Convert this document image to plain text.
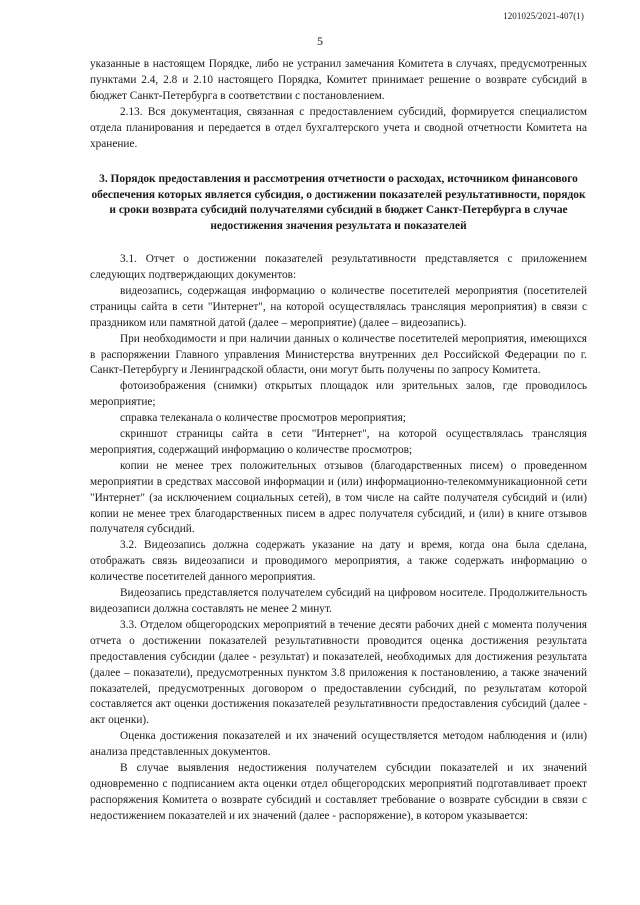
1201025/2021-407(1)
5

указанные в настоящем Порядке, либо не устранил замечания Комитета в случаях, предусмотренных пунктами 2.4, 2.8 и 2.10 настоящего Порядка, Комитет принимает решение о возврате субсидий в бюджет Санкт-Петербурга в соответствии с постановлением.

2.13. Вся документация, связанная с предоставлением субсидий, формируется специалистом отдела планирования и передается в отдел бухгалтерского учета и сводной отчетности Комитета на хранение.

3. Порядок предоставления и рассмотрения отчетности о расходах, источником финансового обеспечения которых является субсидия, о достижении показателей результативности, порядок и сроки возврата субсидий получателями субсидий в бюджет Санкт-Петербурга в случае недостижения значения результата и показателей

3.1. Отчет о достижении показателей результативности представляется с приложением следующих подтверждающих документов:

видеозапись, содержащая информацию о количестве посетителей мероприятия (посетителей страницы сайта в сети "Интернет", на которой осуществлялась трансляция мероприятия) в связи с праздником или памятной датой (далее – мероприятие) (далее – видеозапись).

При необходимости и при наличии данных о количестве посетителей мероприятия, имеющихся в распоряжении Главного управления Министерства внутренних дел Российской Федерации по г. Санкт-Петербургу и Ленинградской области, они могут быть получены по запросу Комитета.

фотоизображения (снимки) открытых площадок или зрительных залов, где проводилось мероприятие;

справка телеканала о количестве просмотров мероприятия;

скриншот страницы сайта в сети "Интернет", на которой осуществлялась трансляция мероприятия, содержащий информацию о количестве просмотров;

копии не менее трех положительных отзывов (благодарственных писем) о проведенном мероприятии в средствах массовой информации и (или) информационно-телекоммуникационной сети "Интернет" (за исключением социальных сетей), в том числе на сайте получателя субсидий и (или) копии не менее трех благодарственных писем в адрес получателя субсидий, и (или) в книге отзывов получателя субсидий.

3.2. Видеозапись должна содержать указание на дату и время, когда она была сделана, отображать связь видеозаписи и проводимого мероприятия, а также содержать информацию о количестве посетителей данного мероприятия.

Видеозапись представляется получателем субсидий на цифровом носителе. Продолжительность видеозаписи должна составлять не менее 2 минут.

3.3. Отделом общегородских мероприятий в течение десяти рабочих дней с момента получения отчета о достижении показателей результативности проводится оценка достижения результата предоставления субсидии (далее - результат) и показателей, необходимых для достижения результата (далее – показатели), предусмотренных пунктом 3.8 приложения к постановлению, а также значений показателей, предусмотренных договором о предоставлении субсидий, по результатам которой составляется акт оценки достижения показателей результативности предоставления субсидий (далее - акт оценки).

Оценка достижения показателей и их значений осуществляется методом наблюдения и (или) анализа представленных документов.

В случае выявления недостижения получателем субсидии показателей и их значений одновременно с подписанием акта оценки отдел общегородских мероприятий подготавливает проект распоряжения Комитета о возврате субсидий и составляет требование о возврате субсидии в связи с недостижением показателей и их значений (далее - распоряжение), в котором указывается:
